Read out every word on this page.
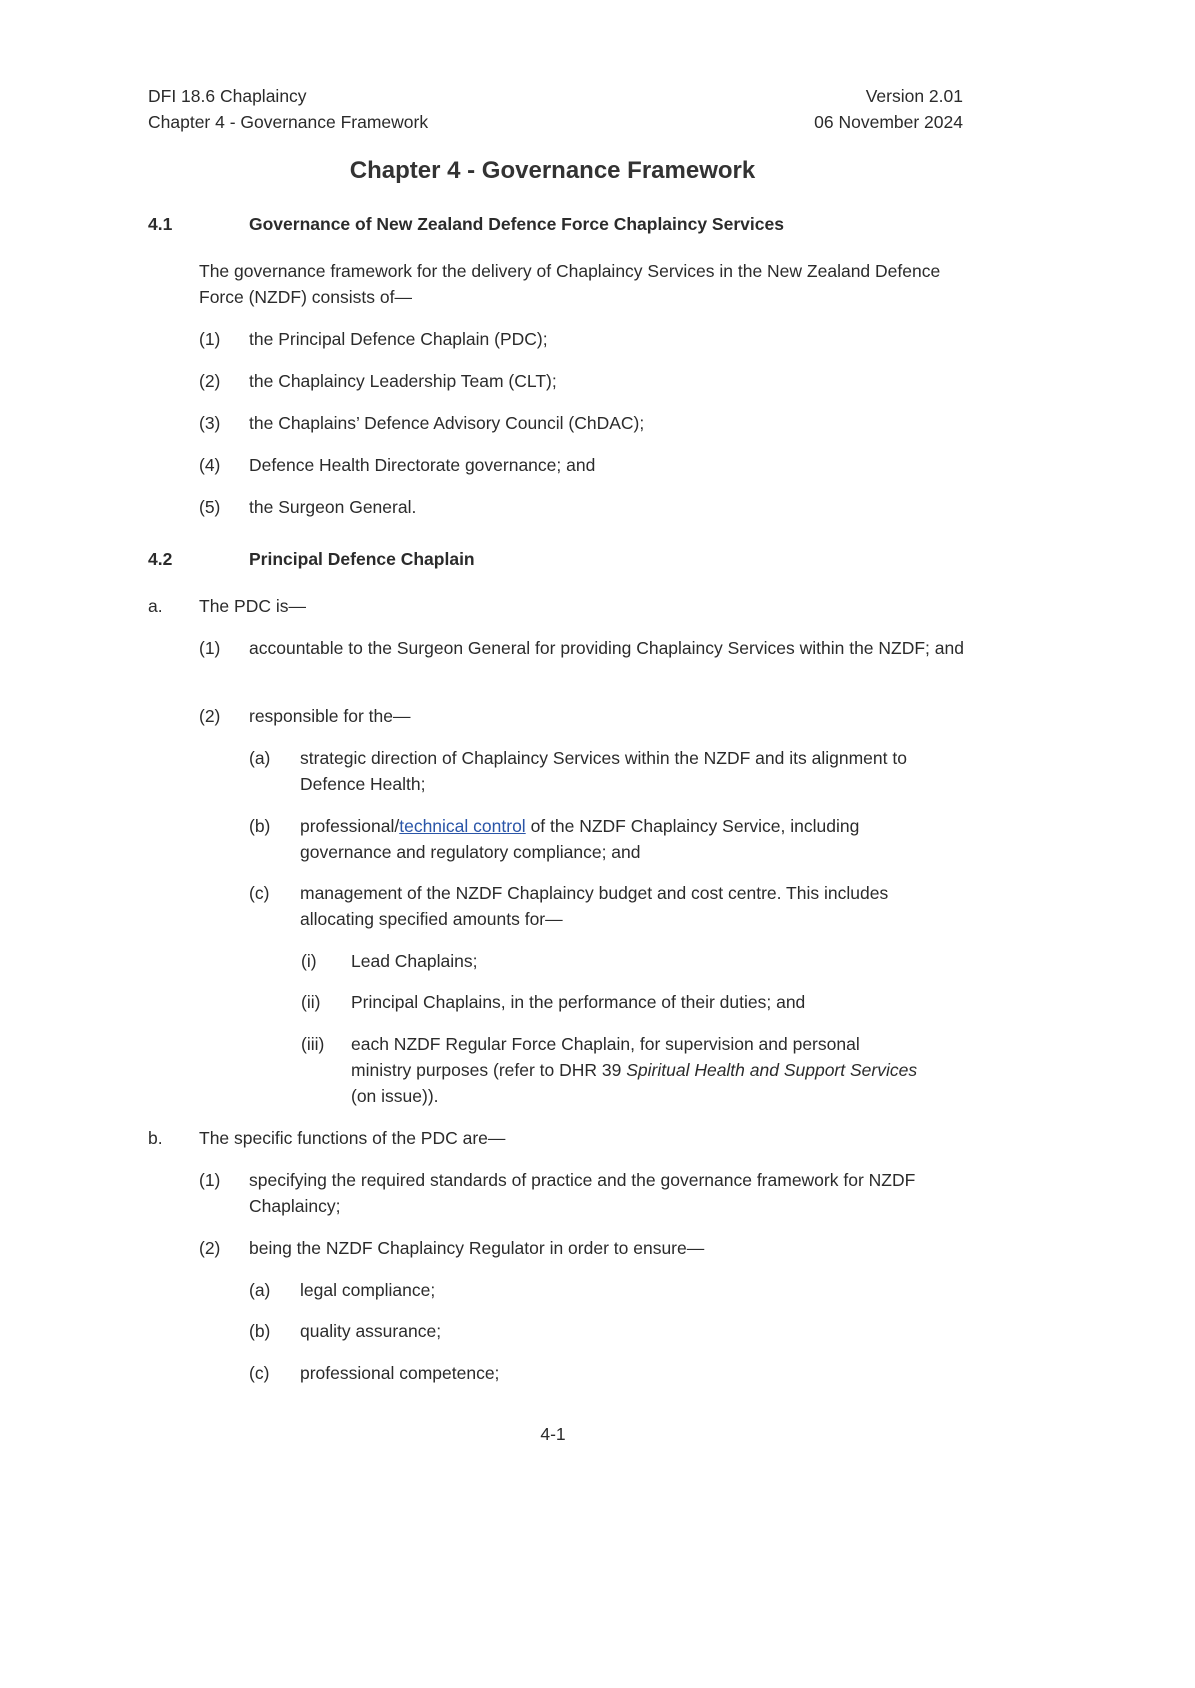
DFI 18.6 Chaplaincy
Chapter 4 - Governance Framework
Version 2.01
06 November 2024
Chapter 4 - Governance Framework
4.1	Governance of New Zealand Defence Force Chaplaincy Services
The governance framework for the delivery of Chaplaincy Services in the New Zealand Defence Force (NZDF) consists of—
(1) the Principal Defence Chaplain (PDC);
(2) the Chaplaincy Leadership Team (CLT);
(3) the Chaplains’ Defence Advisory Council (ChDAC);
(4) Defence Health Directorate governance; and
(5) the Surgeon General.
4.2	Principal Defence Chaplain
a. The PDC is—
(1) accountable to the Surgeon General for providing Chaplaincy Services within the NZDF; and
(2) responsible for the—
(a) strategic direction of Chaplaincy Services within the NZDF and its alignment to Defence Health;
(b) professional/technical control of the NZDF Chaplaincy Service, including governance and regulatory compliance; and
(c) management of the NZDF Chaplaincy budget and cost centre. This includes allocating specified amounts for—
(i) Lead Chaplains;
(ii) Principal Chaplains, in the performance of their duties; and
(iii) each NZDF Regular Force Chaplain, for supervision and personal ministry purposes (refer to DHR 39 Spiritual Health and Support Services (on issue)).
b. The specific functions of the PDC are—
(1) specifying the required standards of practice and the governance framework for NZDF Chaplaincy;
(2) being the NZDF Chaplaincy Regulator in order to ensure—
(a) legal compliance;
(b) quality assurance;
(c) professional competence;
4-1
